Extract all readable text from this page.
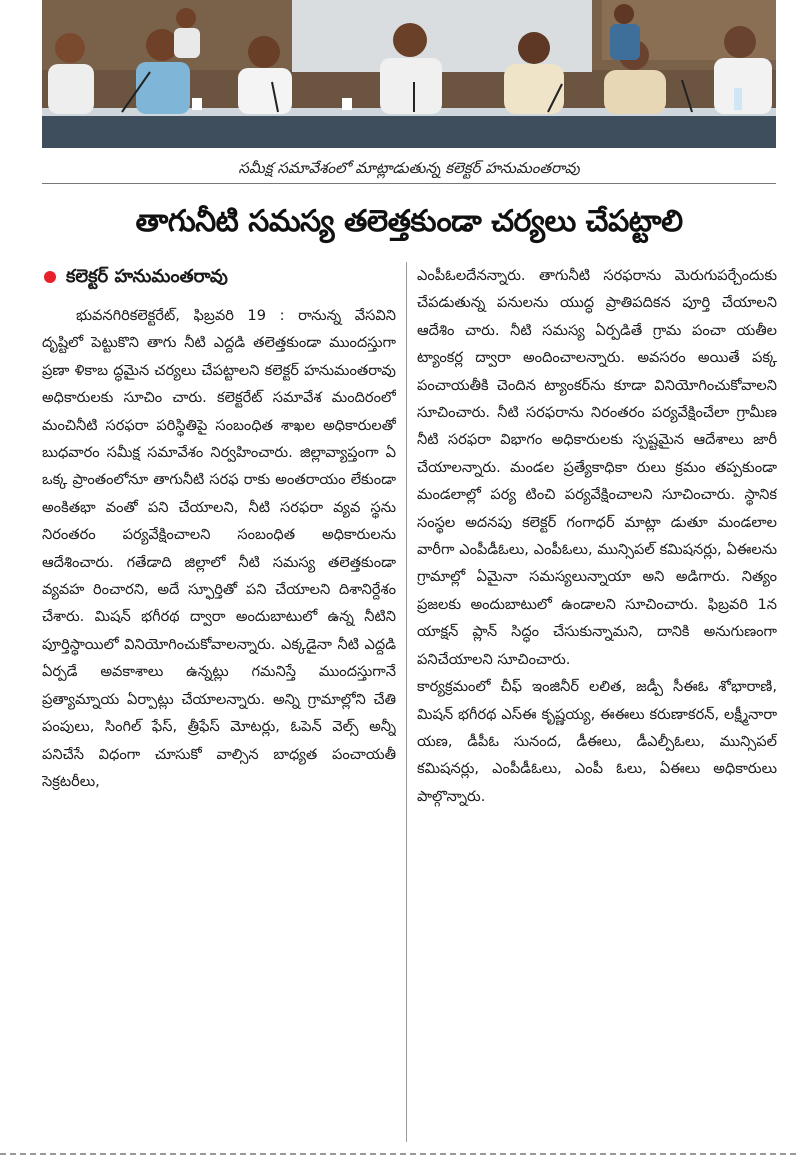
సమీక్ష సమావేశంలో మాట్లాడుతున్న కలెక్టర్ హనుమంతరావు
తాగునీటి సమస్య తలెత్తకుండా చర్యలు చేపట్టాలి
కలెక్టర్ హనుమంతరావు

భువనగిరికలెక్టరేట్, ఫిబ్రవరి 19 : రానున్న వేసవిని దృష్టిలో పెట్టుకొని తాగు నీటి ఎద్దడి తలెత్తకుండా ముందస్తుగా ప్రణా ళికాబ ద్ధమైన చర్యలు చేపట్టాలని కలెక్టర్ హనుమంతరావు అధికారులకు సూచిం చారు. కలెక్టరేట్ సమావేశ మందిరంలో మంచినీటి సరఫరా పరిస్థితిపై సంబంధిత శాఖల అధికారులతో బుధవారం సమీక్ష సమావేశం నిర్వహించారు. జిల్లావ్యాప్తంగా ఏ ఒక్క ప్రాంతంలోనూ తాగునీటి సరఫ రాకు అంతరాయం లేకుండా అంకితభా వంతో పని చేయాలని, నీటి సరఫరా వ్యవ స్థను నిరంతరం పర్యవేక్షించాలని సంబంధిత అధికారులను ఆదేశించారు. గతేడాది జిల్లాలో నీటి సమస్య తలెత్తకుండా వ్యవహ రించారని, అదే స్ఫూర్తితో పని చేయాలని దిశానిర్దేశం చేశారు. మిషన్ భగీరథ ద్వారా అందుబాటులో ఉన్న నీటిని పూర్తిస్థాయిలో వినియోగించుకోవాలన్నారు. ఎక్కడైనా నీటి ఎద్దడి ఏర్పడే అవకాశాలు ఉన్నట్లు గమనిస్తే ముందస్తుగానే ప్రత్యామ్నాయ ఏర్పాట్లు చేయాలన్నారు. అన్ని గ్రామాల్లోని చేతి పంపులు, సింగిల్ ఫేస్, త్రీఫేస్ మోటర్లు, ఓపెన్ వెల్స్ అన్నీ పనిచేసే విధంగా చూసుకో వాల్సిన బాధ్యత పంచాయతీ సెక్రటరీలు,

ఎంపీఓలదేనన్నారు. తాగునీటి సరఫరాను మెరుగుపర్చేందుకు చేపడుతున్న పనులను యుద్ధ ప్రాతిపదికన పూర్తి చేయాలని ఆదేశిం చారు. నీటి సమస్య ఏర్పడితే గ్రామ పంచా యతీల ట్యాంకర్ల ద్వారా అందించాలన్నారు. అవసరం అయితే పక్క పంచాయతీకి చెందిన ట్యాంకర్‌ను కూడా వినియోగించుకోవాలని సూచించారు. నీటి సరఫరాను నిరంతరం పర్యవేక్షించేలా గ్రామీణ నీటి సరఫరా విభాగం అధికారులకు స్పష్టమైన ఆదేశాలు జారీ చేయాలన్నారు. మండల ప్రత్యేకాధికా రులు క్రమం తప్పకుండా మండలాల్లో పర్య టించి పర్యవేక్షించాలని సూచించారు. స్థానిక సంస్థల అదనపు కలెక్టర్ గంగాధర్ మాట్లా డుతూ మండలాల వారీగా ఎంపీడీఓలు, ఎంపీఓలు, మున్సిపల్ కమిషనర్లు, ఏఈలను గ్రామాల్లో ఏమైనా సమస్యలున్నాయా అని అడిగారు. నిత్యం ప్రజలకు అందుబాటులో ఉండాలని సూచించారు. ఫిబ్రవరి 1న యాక్షన్ ప్లాన్ సిద్ధం చేసుకున్నామని, దానికి అనుగుణంగా పనిచేయాలని సూచించారు.

కార్యక్రమంలో చీఫ్ ఇంజినీర్ లలిత, జడ్పీ సీఈఓ శోభారాణి, మిషన్ భగీరథ ఎస్ఈ కృష్ణయ్య, ఈఈలు కరుణాకరన్, లక్ష్మీనారా యణ, డీపీఓ సునంద, డీఈలు, డీఎల్పీఓలు, మున్సిపల్ కమిషనర్లు, ఎంపీడీఓలు, ఎంపీ ఓలు, ఏఈలు అధికారులు పాల్గొన్నారు.
